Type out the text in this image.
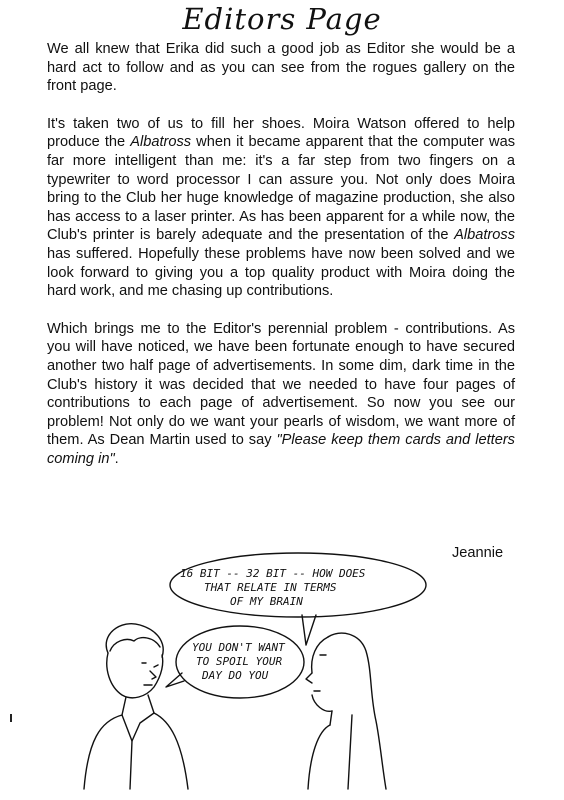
Editors Page

We all knew that Erika did such a good job as Editor she would be a hard act to follow and as you can see from the rogues gallery on the front page.

It's taken two of us to fill her shoes. Moira Watson offered to help produce the Albatross when it became apparent that the computer was far more intelligent than me: it's a far step from two fingers on a typewriter to word processor I can assure you. Not only does Moira bring to the Club her huge knowledge of magazine production, she also has access to a laser printer. As has been apparent for a while now, the Club's printer is barely adequate and the presentation of the Albatross has suffered. Hopefully these problems have now been solved and we look forward to giving you a top quality product with Moira doing the hard work, and me chasing up contributions.

Which brings me to the Editor's perennial problem - contributions. As you will have noticed, we have been fortunate enough to have secured another two half page of advertisements. In some dim, dark time in the Club's history it was decided that we needed to have four pages of contributions to each page of advertisement. So now you see our problem! Not only do we want your pearls of wisdom, we want more of them. As Dean Martin used to say "Please keep them cards and letters coming in".

Jeannie
16 BIT -- 32 BIT -- HOW DOES
THAT RELATE IN TERMS
OF MY BRAIN
YOU DON'T WANT
TO SPOIL YOUR
DAY DO YOU
